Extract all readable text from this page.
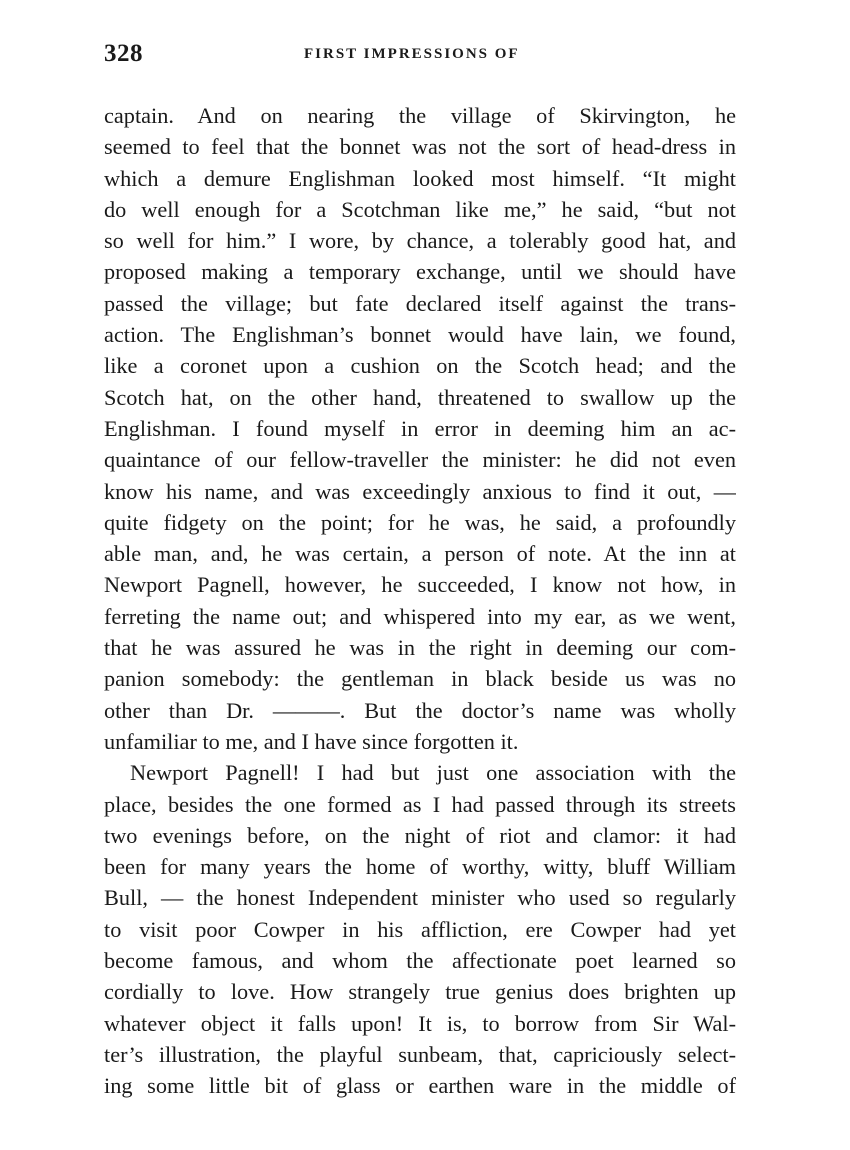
328	FIRST IMPRESSIONS OF
captain. And on nearing the village of Skirvington, he
seemed to feel that the bonnet was not the sort of head-dress in
which a demure Englishman looked most himself. “It might
do well enough for a Scotchman like me,” he said, “but not
so well for him.” I wore, by chance, a tolerably good hat, and
proposed making a temporary exchange, until we should have
passed the village; but fate declared itself against the trans-
action. The Englishman’s bonnet would have lain, we found,
like a coronet upon a cushion on the Scotch head; and the
Scotch hat, on the other hand, threatened to swallow up the
Englishman. I found myself in error in deeming him an ac-
quaintance of our fellow-traveller the minister: he did not even
know his name, and was exceedingly anxious to find it out, —
quite fidgety on the point; for he was, he said, a profoundly
able man, and, he was certain, a person of note. At the inn at
Newport Pagnell, however, he succeeded, I know not how, in
ferreting the name out; and whispered into my ear, as we went,
that he was assured he was in the right in deeming our com-
panion somebody: the gentleman in black beside us was no
other than Dr. ———. But the doctor’s name was wholly
unfamiliar to me, and I have since forgotten it.
Newport Pagnell! I had but just one association with the
place, besides the one formed as I had passed through its streets
two evenings before, on the night of riot and clamor: it had
been for many years the home of worthy, witty, bluff William
Bull, — the honest Independent minister who used so regularly
to visit poor Cowper in his affliction, ere Cowper had yet
become famous, and whom the affectionate poet learned so
cordially to love. How strangely true genius does brighten up
whatever object it falls upon! It is, to borrow from Sir Wal-
ter’s illustration, the playful sunbeam, that, capriciously select-
ing some little bit of glass or earthen ware in the middle of
